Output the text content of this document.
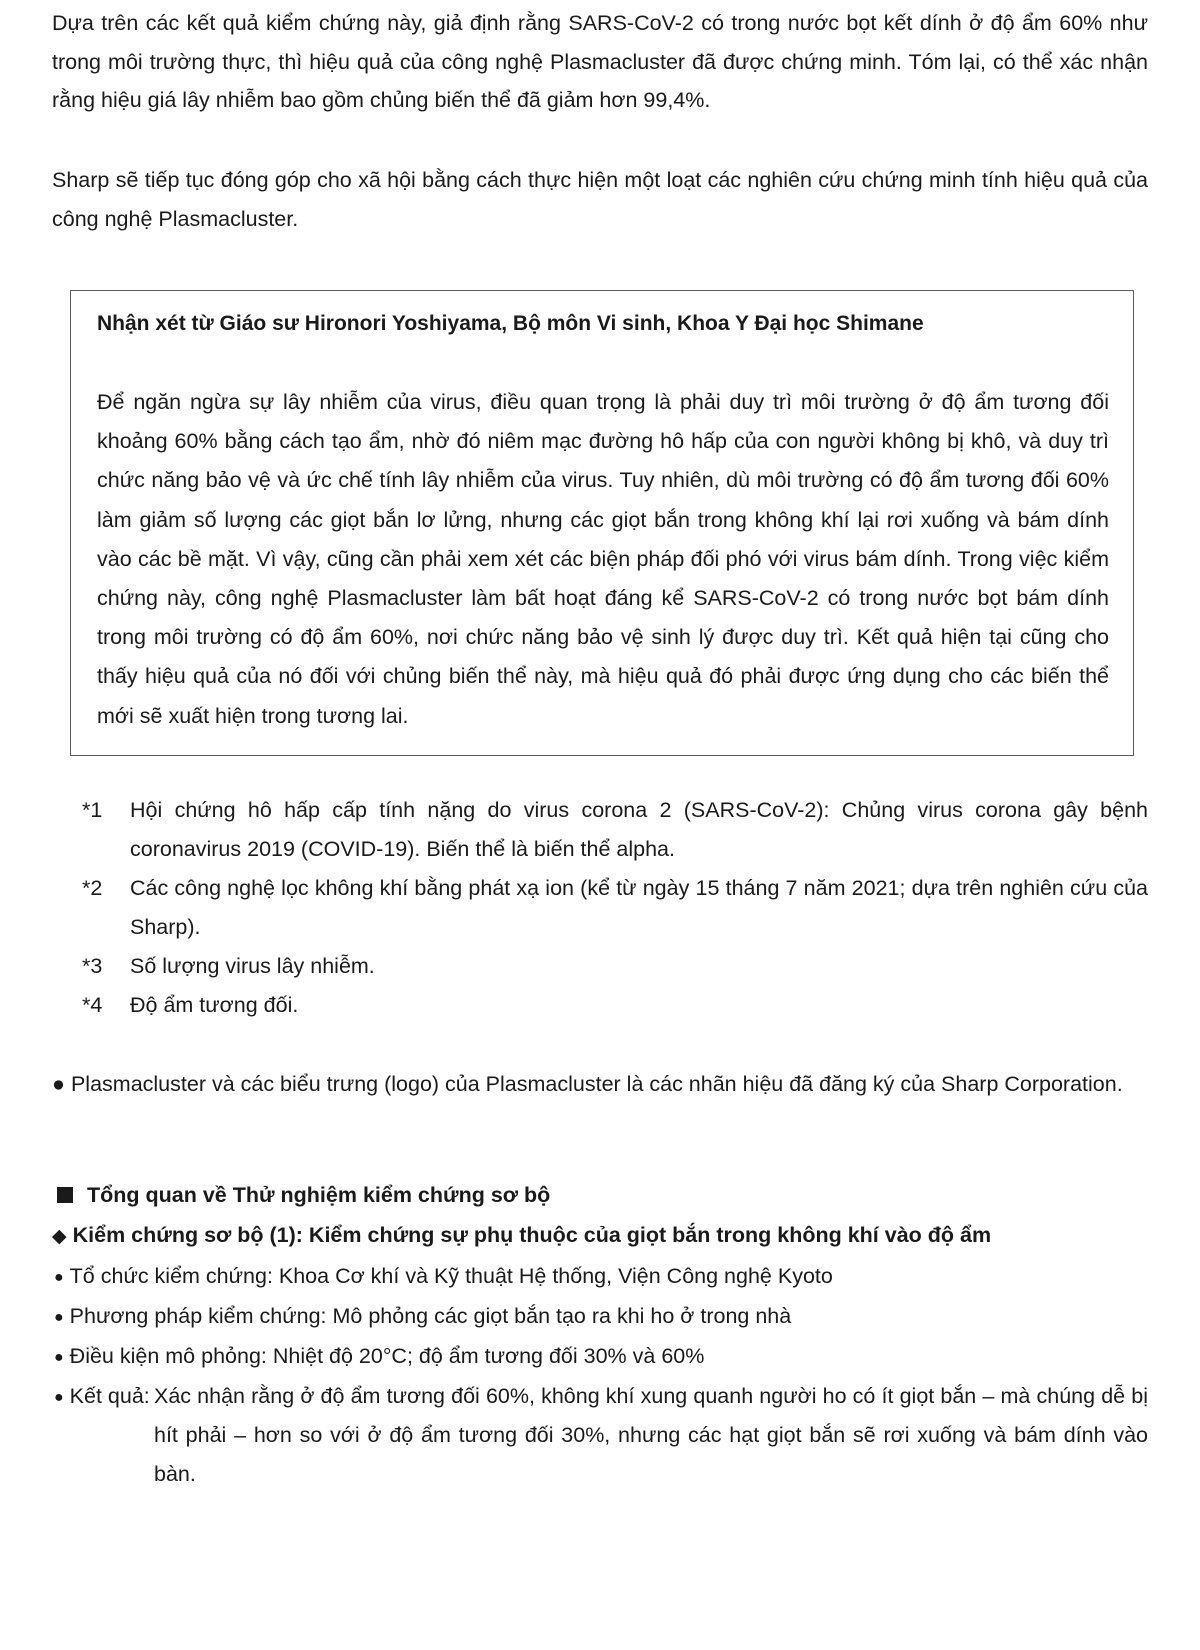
Dựa trên các kết quả kiểm chứng này, giả định rằng SARS-CoV-2 có trong nước bọt kết dính ở độ ẩm 60% như trong môi trường thực, thì hiệu quả của công nghệ Plasmacluster đã được chứng minh. Tóm lại, có thể xác nhận rằng hiệu giá lây nhiễm bao gồm chủng biến thể đã giảm hơn 99,4%.

Sharp sẽ tiếp tục đóng góp cho xã hội bằng cách thực hiện một loạt các nghiên cứu chứng minh tính hiệu quả của công nghệ Plasmacluster.

Nhận xét từ Giáo sư Hironori Yoshiyama, Bộ môn Vi sinh, Khoa Y Đại học Shimane

Để ngăn ngừa sự lây nhiễm của virus, điều quan trọng là phải duy trì môi trường ở độ ẩm tương đối khoảng 60% bằng cách tạo ẩm, nhờ đó niêm mạc đường hô hấp của con người không bị khô, và duy trì chức năng bảo vệ và ức chế tính lây nhiễm của virus. Tuy nhiên, dù môi trường có độ ẩm tương đối 60% làm giảm số lượng các giọt bắn lơ lửng, nhưng các giọt bắn trong không khí lại rơi xuống và bám dính vào các bề mặt. Vì vậy, cũng cần phải xem xét các biện pháp đối phó với virus bám dính. Trong việc kiểm chứng này, công nghệ Plasmacluster làm bất hoạt đáng kể SARS-CoV-2 có trong nước bọt bám dính trong môi trường có độ ẩm 60%, nơi chức năng bảo vệ sinh lý được duy trì. Kết quả hiện tại cũng cho thấy hiệu quả của nó đối với chủng biến thể này, mà hiệu quả đó phải được ứng dụng cho các biến thể mới sẽ xuất hiện trong tương lai.

*1 Hội chứng hô hấp cấp tính nặng do virus corona 2 (SARS-CoV-2): Chủng virus corona gây bệnh coronavirus 2019 (COVID-19). Biến thể là biến thể alpha.
*2 Các công nghệ lọc không khí bằng phát xạ ion (kể từ ngày 15 tháng 7 năm 2021; dựa trên nghiên cứu của Sharp).
*3 Số lượng virus lây nhiễm.
*4 Độ ẩm tương đối.

● Plasmacluster và các biểu trưng (logo) của Plasmacluster là các nhãn hiệu đã đăng ký của Sharp Corporation.

Tổng quan về Thử nghiệm kiểm chứng sơ bộ

◆ Kiểm chứng sơ bộ (1): Kiểm chứng sự phụ thuộc của giọt bắn trong không khí vào độ ẩm

● Tổ chức kiểm chứng: Khoa Cơ khí và Kỹ thuật Hệ thống, Viện Công nghệ Kyoto

● Phương pháp kiểm chứng: Mô phỏng các giọt bắn tạo ra khi ho ở trong nhà

● Điều kiện mô phỏng: Nhiệt độ 20°C; độ ẩm tương đối 30% và 60%

● Kết quả: Xác nhận rằng ở độ ẩm tương đối 60%, không khí xung quanh người ho có ít giọt bắn – mà chúng dễ bị hít phải – hơn so với ở độ ẩm tương đối 30%, nhưng các hạt giọt bắn sẽ rơi xuống và bám dính vào bàn.
